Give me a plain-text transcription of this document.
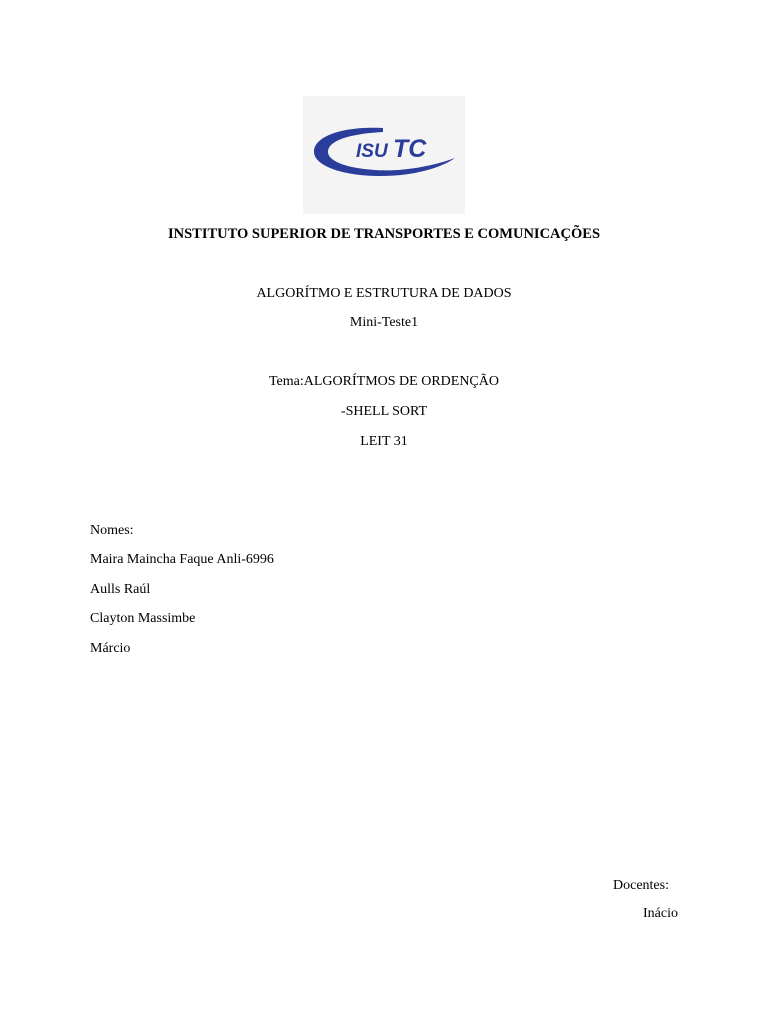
ISU TC
INSTITUTO SUPERIOR DE TRANSPORTES E COMUNICAÇÕES
ALGORÍTMO E ESTRUTURA DE DADOS
Mini-Teste1
Tema:ALGORÍTMOS DE ORDENÇÃO
-SHELL SORT
LEIT 31
Nomes:
Maira Maincha Faque Anli-6996
Aulls Raúl
Clayton Massimbe
Márcio
Docentes:
Inácio
